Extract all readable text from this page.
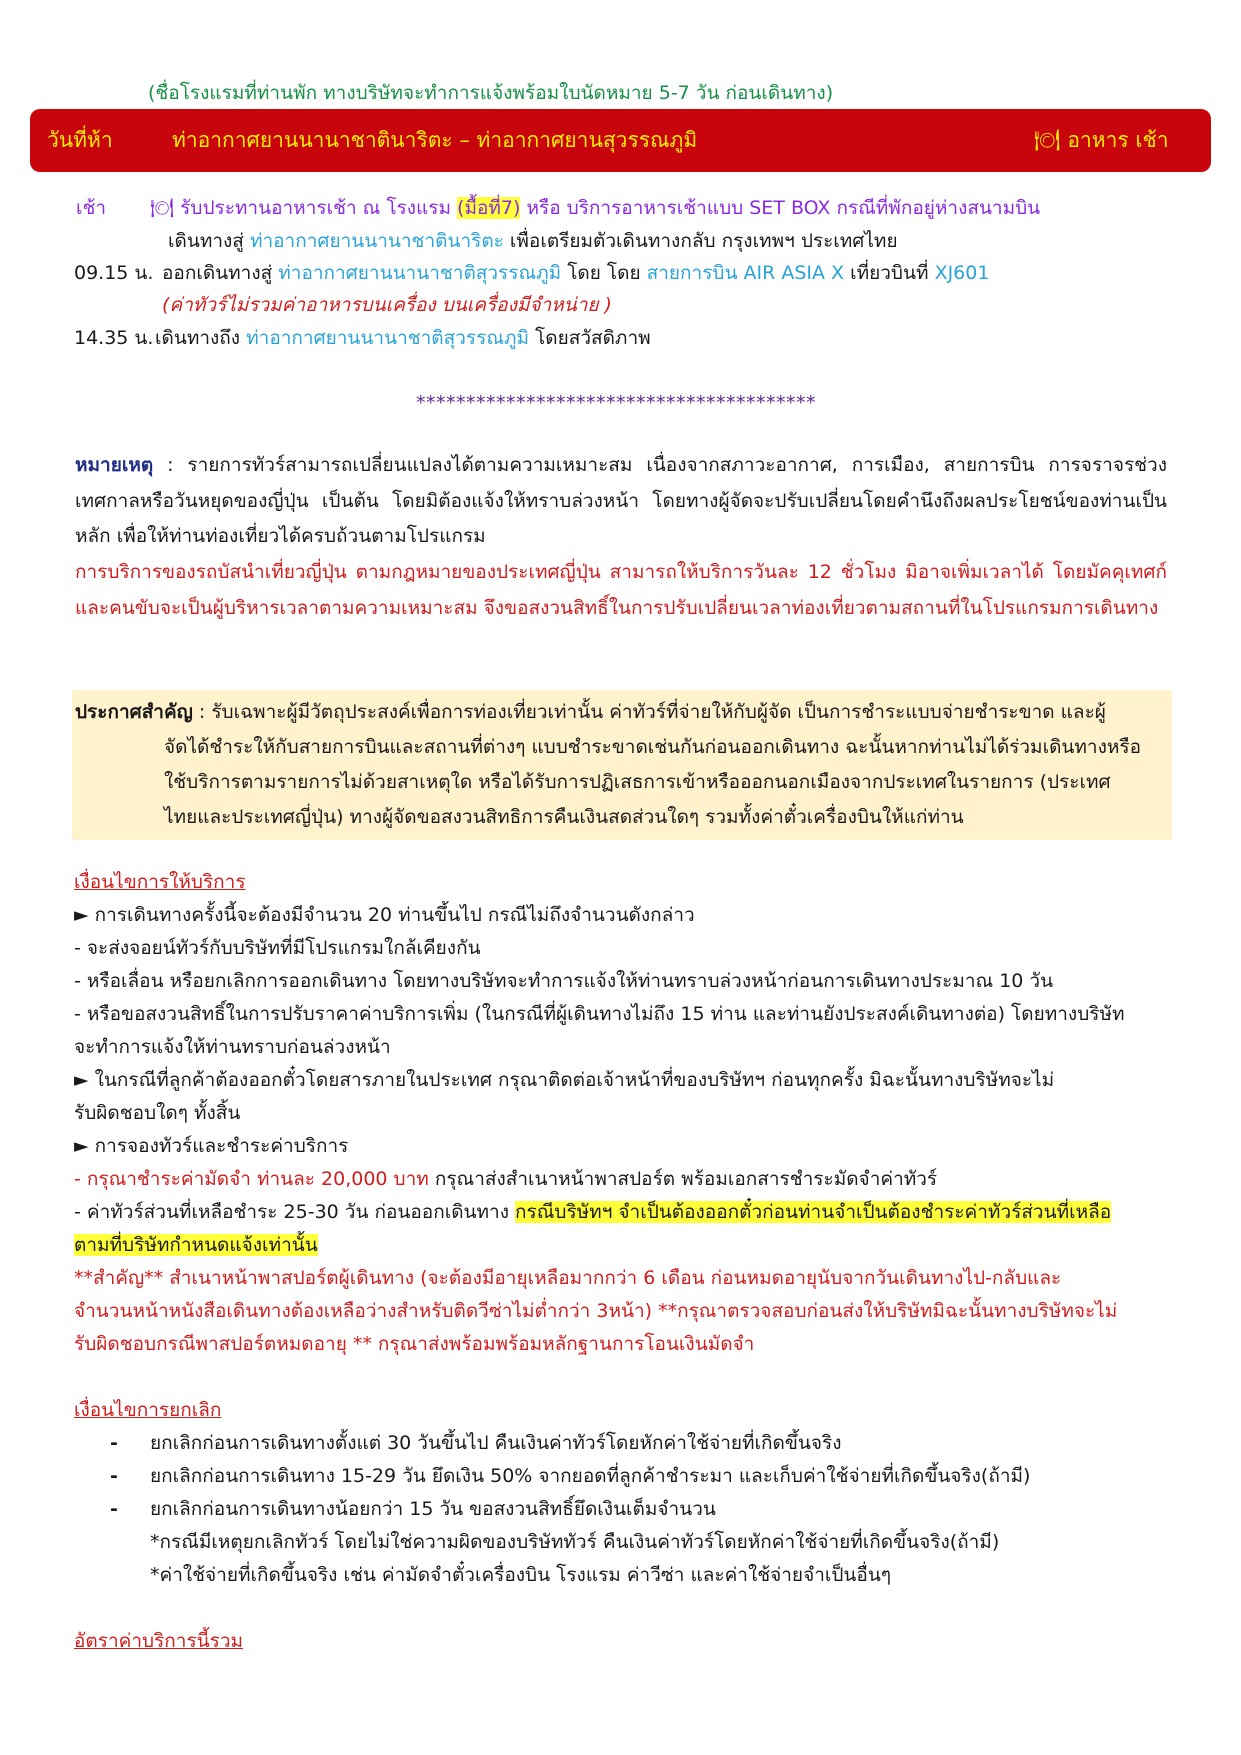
(ชื่อโรงแรมที่ท่านพัก ทางบริษัทจะทำการแจ้งพร้อมใบนัดหมาย 5-7 วัน ก่อนเดินทาง)
วันที่ห้า	ท่าอากาศยานนานาชาตินาริตะ – ท่าอากาศยานสุวรรณภูมิ	🍽 อาหาร เช้า
เช้า 🍽 รับประทานอาหารเช้า ณ โรงแรม (มื้อที่7) หรือ บริการอาหารเช้าแบบ SET BOX กรณีที่พักอยู่ห่างสนามบิน
เดินทางสู่ ท่าอากาศยานนานาชาตินาริตะ เพื่อเตรียมตัวเดินทางกลับ กรุงเทพฯ ประเทศไทย
09.15 น. ออกเดินทางสู่ ท่าอากาศยานนานาชาติสุวรรณภูมิ โดย โดย สายการบิน AIR ASIA X เที่ยวบินที่ XJ601
(ค่าทัวร์ไม่รวมค่าอาหารบนเครื่อง บนเครื่องมีจำหน่าย )
14.35 น. เดินทางถึง ท่าอากาศยานนานาชาติสุวรรณภูมิ โดยสวัสดิภาพ
****************************************
หมายเหตุ : รายการทัวร์สามารถเปลี่ยนแปลงได้ตามความเหมาะสม เนื่องจากสภาวะอากาศ, การเมือง, สายการบิน การจราจรช่วงเทศกาลหรือวันหยุดของญี่ปุ่น เป็นต้น โดยมิต้องแจ้งให้ทราบล่วงหน้า โดยทางผู้จัดจะปรับเปลี่ยนโดยคำนึงถึงผลประโยชน์ของท่านเป็นหลัก เพื่อให้ท่านท่องเที่ยวได้ครบถ้วนตามโปรแกรม
การบริการของรถบัสนำเที่ยวญี่ปุ่น ตามกฎหมายของประเทศญี่ปุ่น สามารถให้บริการวันละ 12 ชั่วโมง มิอาจเพิ่มเวลาได้ โดยมัคคุเทศก์และคนขับจะเป็นผู้บริหารเวลาตามความเหมาะสม จึงขอสงวนสิทธิ์ในการปรับเปลี่ยนเวลาท่องเที่ยวตามสถานที่ในโปรแกรมการเดินทาง
ประกาศสำคัญ : รับเฉพาะผู้มีวัตถุประสงค์เพื่อการท่องเที่ยวเท่านั้น ค่าทัวร์ที่จ่ายให้กับผู้จัด เป็นการชำระแบบจ่ายชำระขาด และผู้
จัดได้ชำระให้กับสายการบินและสถานที่ต่างๆ แบบชำระขาดเช่นกันก่อนออกเดินทาง ฉะนั้นหากท่านไม่ได้ร่วมเดินทางหรือ
ใช้บริการตามรายการไม่ด้วยสาเหตุใด หรือได้รับการปฏิเสธการเข้าหรือออกนอกเมืองจากประเทศในรายการ (ประเทศ
ไทยและประเทศญี่ปุ่น) ทางผู้จัดขอสงวนสิทธิการคืนเงินสดส่วนใดๆ รวมทั้งค่าตั๋วเครื่องบินให้แก่ท่าน
เงื่อนไขการให้บริการ
► การเดินทางครั้งนี้จะต้องมีจำนวน 20 ท่านขึ้นไป กรณีไม่ถึงจำนวนดังกล่าว
- จะส่งจอยน์ทัวร์กับบริษัทที่มีโปรแกรมใกล้เคียงกัน
- หรือเลื่อน หรือยกเลิกการออกเดินทาง โดยทางบริษัทจะทำการแจ้งให้ท่านทราบล่วงหน้าก่อนการเดินทางประมาณ 10 วัน
- หรือขอสงวนสิทธิ์ในการปรับราคาค่าบริการเพิ่ม (ในกรณีที่ผู้เดินทางไม่ถึง 15 ท่าน และท่านยังประสงค์เดินทางต่อ) โดยทางบริษัท
จะทำการแจ้งให้ท่านทราบก่อนล่วงหน้า
► ในกรณีที่ลูกค้าต้องออกตั๋วโดยสารภายในประเทศ กรุณาติดต่อเจ้าหน้าที่ของบริษัทฯ ก่อนทุกครั้ง มิฉะนั้นทางบริษัทจะไม่
รับผิดชอบใดๆ ทั้งสิ้น
► การจองทัวร์และชำระค่าบริการ
- กรุณาชำระค่ามัดจำ ท่านละ 20,000 บาท กรุณาส่งสำเนาหน้าพาสปอร์ต พร้อมเอกสารชำระมัดจำค่าทัวร์
- ค่าทัวร์ส่วนที่เหลือชำระ 25-30 วัน ก่อนออกเดินทาง กรณีบริษัทฯ จำเป็นต้องออกตั๋วก่อนท่านจำเป็นต้องชำระค่าทัวร์ส่วนที่เหลือ
ตามที่บริษัทกำหนดแจ้งเท่านั้น
**สำคัญ** สำเนาหน้าพาสปอร์ตผู้เดินทาง (จะต้องมีอายุเหลือมากกว่า 6 เดือน ก่อนหมดอายุนับจากวันเดินทางไป-กลับและ
จำนวนหน้าหนังสือเดินทางต้องเหลือว่างสำหรับติดวีซ่าไม่ต่ำกว่า 3หน้า) **กรุณาตรวจสอบก่อนส่งให้บริษัทมิฉะนั้นทางบริษัทจะไม่
รับผิดชอบกรณีพาสปอร์ตหมดอายุ ** กรุณาส่งพร้อมพร้อมหลักฐานการโอนเงินมัดจำ
เงื่อนไขการยกเลิก
- ยกเลิกก่อนการเดินทางตั้งแต่ 30 วันขึ้นไป คืนเงินค่าทัวร์โดยหักค่าใช้จ่ายที่เกิดขึ้นจริง
- ยกเลิกก่อนการเดินทาง 15-29 วัน ยึดเงิน 50% จากยอดที่ลูกค้าชำระมา และเก็บค่าใช้จ่ายที่เกิดขึ้นจริง(ถ้ามี)
- ยกเลิกก่อนการเดินทางน้อยกว่า 15 วัน ขอสงวนสิทธิ์ยึดเงินเต็มจำนวน
*กรณีมีเหตุยกเลิกทัวร์ โดยไม่ใช่ความผิดของบริษัททัวร์ คืนเงินค่าทัวร์โดยหักค่าใช้จ่ายที่เกิดขึ้นจริง(ถ้ามี)
*ค่าใช้จ่ายที่เกิดขึ้นจริง เช่น ค่ามัดจำตั๋วเครื่องบิน โรงแรม ค่าวีซ่า และค่าใช้จ่ายจำเป็นอื่นๆ
อัตราค่าบริการนี้รวม
